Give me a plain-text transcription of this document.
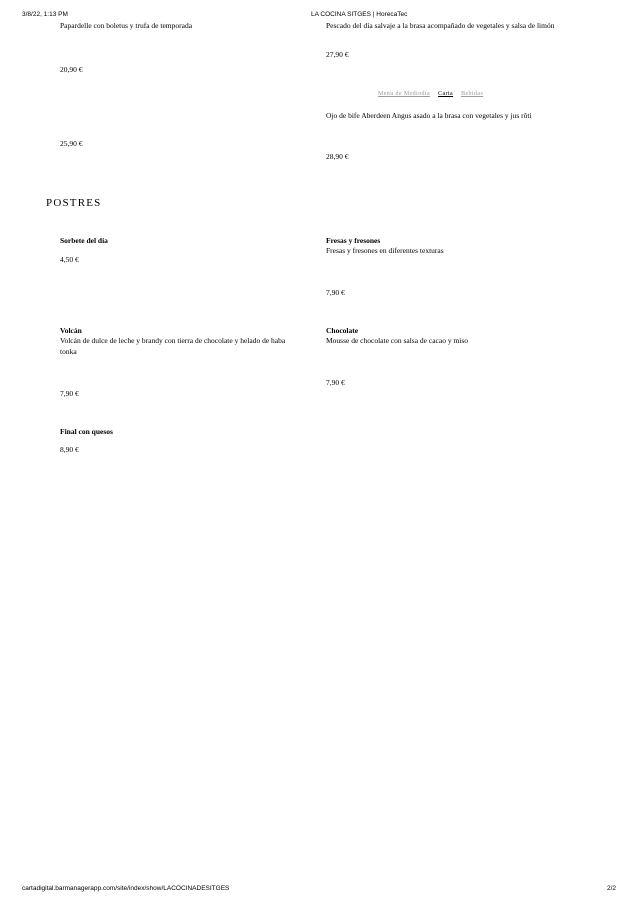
3/8/22, 1:13 PM	LA COCINA SITGES | HorecaTec
Papardelle con boletus y trufa de temporada
20,90 €
25,90 €
Pescado del día salvaje a la brasa acompañado de vegetales y salsa de limón
27,90 €
Menú de Mediodía Carta Bebidas
Ojo de bife Aberdeen Angus asado a la brasa con vegetales y jus rôti
28,90 €
POSTRES
Sorbete del día
4,50 €
Fresas y fresones
Fresas y fresones en diferentes texturas
7,90 €
Volcán
Volcán de dulce de leche y brandy con tierra de chocolate y helado de haba tonka
7,90 €
Chocolate
Mousse de chocolate con salsa de cacao y miso
7,90 €
Final con quesos
8,90 €
cartadigital.barmanagerapp.com/site/index/show/LACOCINADESITGES	2/2
